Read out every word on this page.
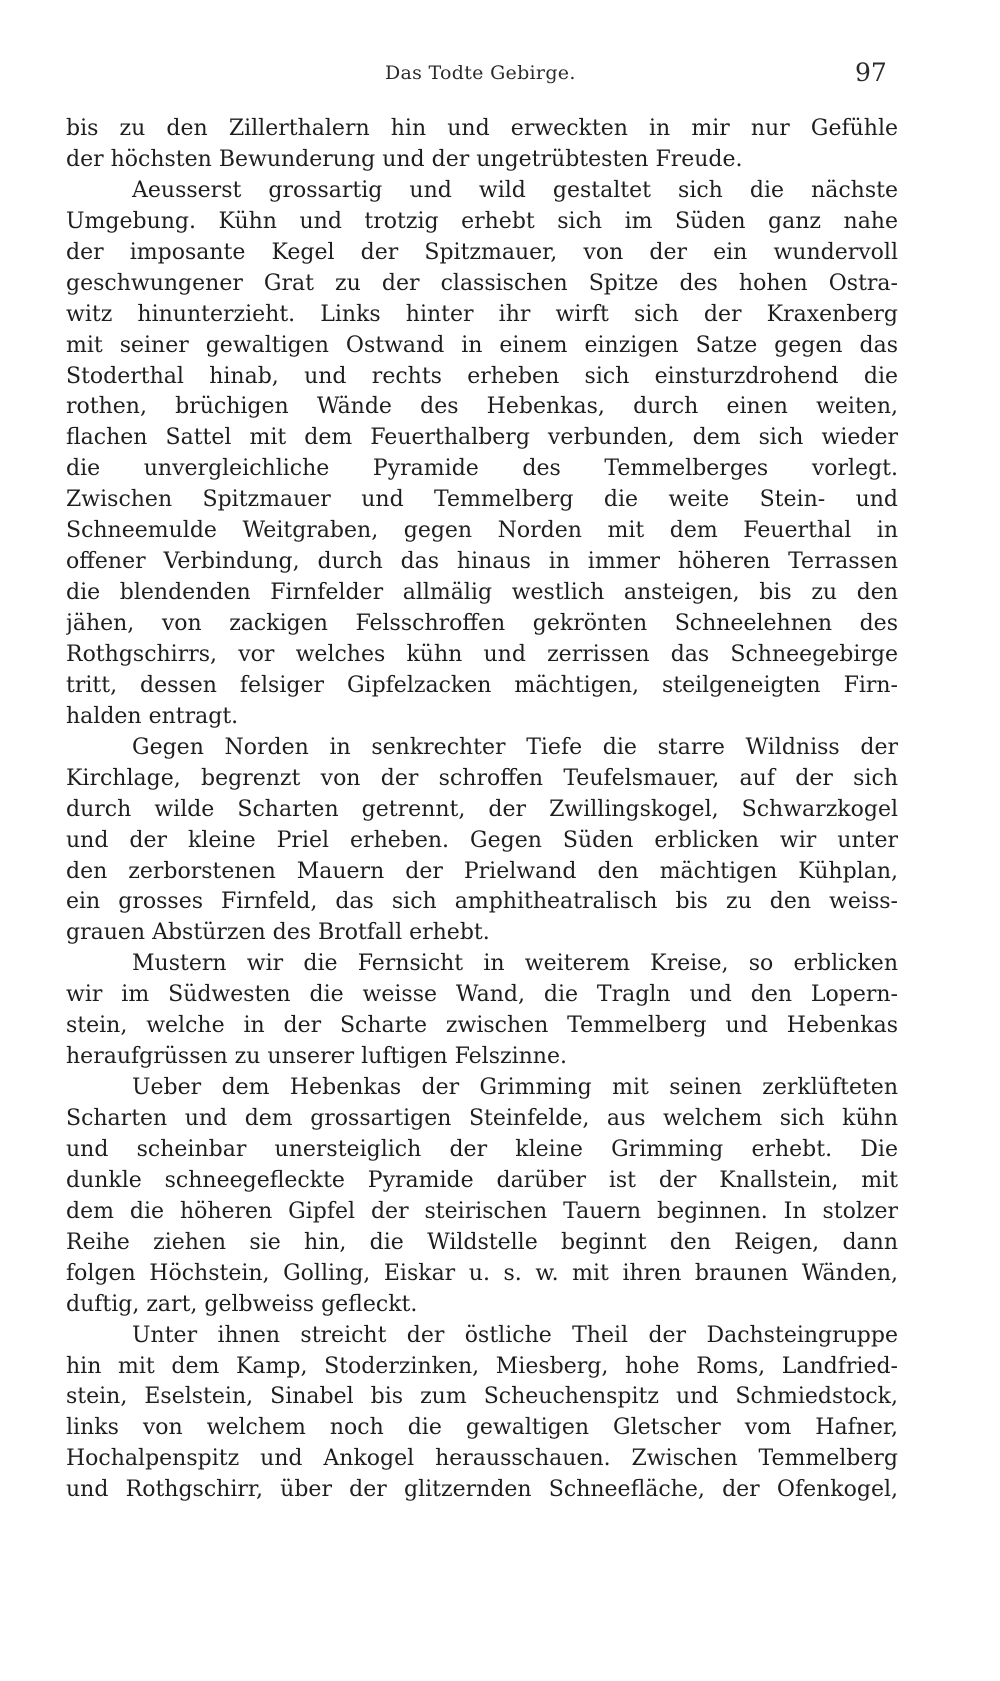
Das Todte Gebirge.	97
bis zu den Zillerthalern hin und erweckten in mir nur Gefühle
der höchsten Bewunderung und der ungetrübtesten Freude.
Aeusserst grossartig und wild gestaltet sich die nächste
Umgebung. Kühn und trotzig erhebt sich im Süden ganz nahe
der imposante Kegel der Spitzmauer, von der ein wundervoll
geschwungener Grat zu der classischen Spitze des hohen Ostra-
witz hinunterzieht. Links hinter ihr wirft sich der Kraxenberg
mit seiner gewaltigen Ostwand in einem einzigen Satze gegen das
Stoderthal hinab, und rechts erheben sich einsturzdrohend die
rothen, brüchigen Wände des Hebenkas, durch einen weiten,
flachen Sattel mit dem Feuerthalberg verbunden, dem sich wieder
die unvergleichliche Pyramide des Temmelberges vorlegt.
Zwischen Spitzmauer und Temmelberg die weite Stein- und
Schneemulde Weitgraben, gegen Norden mit dem Feuerthal in
offener Verbindung, durch das hinaus in immer höheren Terrassen
die blendenden Firnfelder allmälig westlich ansteigen, bis zu den
jähen, von zackigen Felsschroffen gekrönten Schneelehnen des
Rothgschirrs, vor welches kühn und zerrissen das Schneegebirge
tritt, dessen felsiger Gipfelzacken mächtigen, steilgeneigten Firn-
halden entragt.
Gegen Norden in senkrechter Tiefe die starre Wildniss der
Kirchlage, begrenzt von der schroffen Teufelsmauer, auf der sich
durch wilde Scharten getrennt, der Zwillingskogel, Schwarzkogel
und der kleine Priel erheben. Gegen Süden erblicken wir unter
den zerborstenen Mauern der Prielwand den mächtigen Kühplan,
ein grosses Firnfeld, das sich amphitheatralisch bis zu den weiss-
grauen Abstürzen des Brotfall erhebt.
Mustern wir die Fernsicht in weiterem Kreise, so erblicken
wir im Südwesten die weisse Wand, die Tragln und den Lopern-
stein, welche in der Scharte zwischen Temmelberg und Hebenkas
heraufgrüssen zu unserer luftigen Felszinne.
Ueber dem Hebenkas der Grimming mit seinen zerklüfteten
Scharten und dem grossartigen Steinfelde, aus welchem sich kühn
und scheinbar unersteiglich der kleine Grimming erhebt. Die
dunkle schneegefleckte Pyramide darüber ist der Knallstein, mit
dem die höheren Gipfel der steirischen Tauern beginnen. In stolzer
Reihe ziehen sie hin, die Wildstelle beginnt den Reigen, dann
folgen Höchstein, Golling, Eiskar u. s. w. mit ihren braunen Wänden,
duftig, zart, gelbweiss gefleckt.
Unter ihnen streicht der östliche Theil der Dachsteingruppe
hin mit dem Kamp, Stoderzinken, Miesberg, hohe Roms, Landfried-
stein, Eselstein, Sinabel bis zum Scheuchenspitz und Schmiedstock,
links von welchem noch die gewaltigen Gletscher vom Hafner,
Hochalpenspitz und Ankogel herausschauen. Zwischen Temmelberg
und Rothgschirr, über der glitzernden Schneefläche, der Ofenkogel,
